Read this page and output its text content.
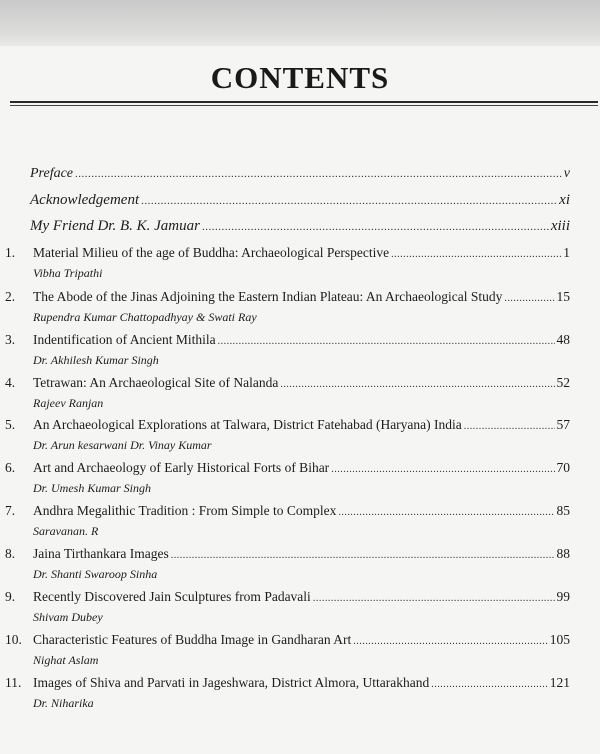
CONTENTS
Preface .....	v
Acknowledgement .....	xi
My Friend Dr. B. K. Jamuar .....	xiii
1. Material Milieu of the age of Buddha: Archaeological Perspective .....	1
Vibha Tripathi
2. The Abode of the Jinas Adjoining the Eastern Indian Plateau: An Archaeological Study .....	15
Rupendra Kumar Chattopadhyay & Swati Ray
3. Indentification of Ancient Mithila .....	48
Dr. Akhilesh Kumar Singh
4. Tetrawan: An Archaeological Site of Nalanda .....	52
Rajeev Ranjan
5. An Archaeological Explorations at Talwara, District Fatehabad (Haryana) India .....	57
Dr. Arun kesarwani Dr. Vinay Kumar
6. Art and Archaeology of Early Historical Forts of Bihar .....	70
Dr. Umesh Kumar Singh
7. Andhra Megalithic Tradition : From Simple to Complex .....	85
Saravanan. R
8. Jaina Tirthankara Images .....	88
Dr. Shanti Swaroop Sinha
9. Recently Discovered Jain Sculptures from Padavali .....	99
Shivam Dubey
10. Characteristic Features of Buddha Image in Gandharan Art .....	105
Nighat Aslam
11. Images of Shiva and Parvati in Jageshwara, District Almora, Uttarakhand .....	121
Dr. Niharika
